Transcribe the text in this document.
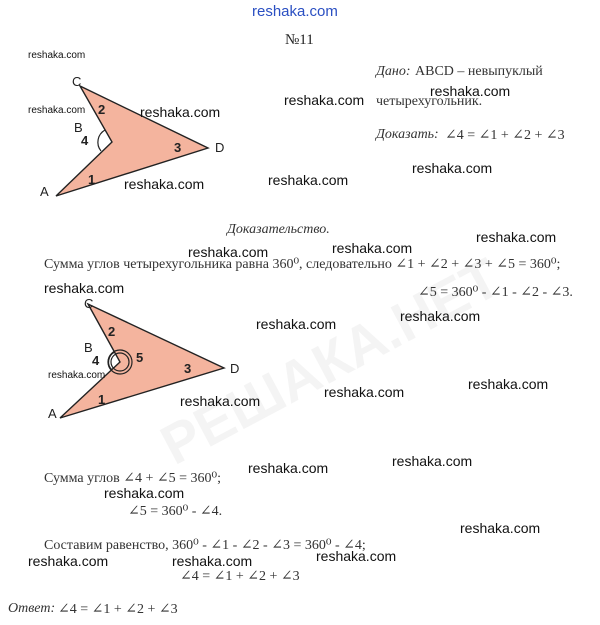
reshaka.com
№11
Дано: ABCD – невыпуклый
четырехугольник.
Доказать: ∠4 = ∠1 + ∠2 + ∠3
C
B
A
D
2
4	3
1
Доказательство.
Сумма углов четырехугольника равна 360⁰, следовательно ∠1 + ∠2 + ∠3 + ∠5 = 360⁰;
∠5 = 360⁰ - ∠1 - ∠2 - ∠3.
C
B
A
D
2
4	5
3
1
Сумма углов ∠4 + ∠5 = 360⁰;
∠5 = 360⁰ - ∠4.
Составим равенство, 360⁰ - ∠1 - ∠2 - ∠3 = 360⁰ - ∠4;
∠4 = ∠1 + ∠2 + ∠3
Ответ: ∠4 = ∠1 + ∠2 + ∠3
reshaka.com
reshaka.com	reshaka.com
reshaka.com
reshaka.com
reshaka.com
reshaka.com
reshaka.com
reshaka.com
reshaka.com
reshaka.com
reshaka.com
reshaka.com
reshaka.com
reshaka.com
reshaka.com
reshaka.com
reshaka.com
reshaka.com
reshaka.com
reshaka.com
reshaka.com
reshaka.com
reshaka.com
reshaka.com
